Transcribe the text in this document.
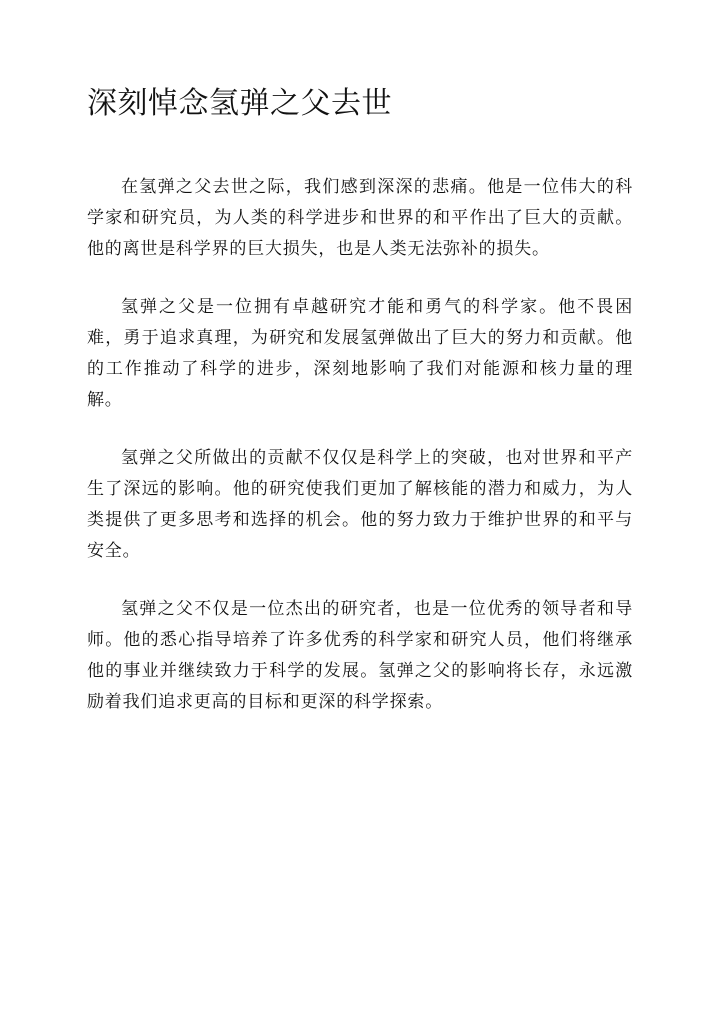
深刻悼念氢弹之父去世

在氢弹之父去世之际，我们感到深深的悲痛。他是一位伟大的科学家和研究员，为人类的科学进步和世界的和平作出了巨大的贡献。他的离世是科学界的巨大损失，也是人类无法弥补的损失。

氢弹之父是一位拥有卓越研究才能和勇气的科学家。他不畏困难，勇于追求真理，为研究和发展氢弹做出了巨大的努力和贡献。他的工作推动了科学的进步，深刻地影响了我们对能源和核力量的理解。

氢弹之父所做出的贡献不仅仅是科学上的突破，也对世界和平产生了深远的影响。他的研究使我们更加了解核能的潜力和威力，为人类提供了更多思考和选择的机会。他的努力致力于维护世界的和平与安全。

氢弹之父不仅是一位杰出的研究者，也是一位优秀的领导者和导师。他的悉心指导培养了许多优秀的科学家和研究人员，他们将继承他的事业并继续致力于科学的发展。氢弹之父的影响将长存，永远激励着我们追求更高的目标和更深的科学探索。
